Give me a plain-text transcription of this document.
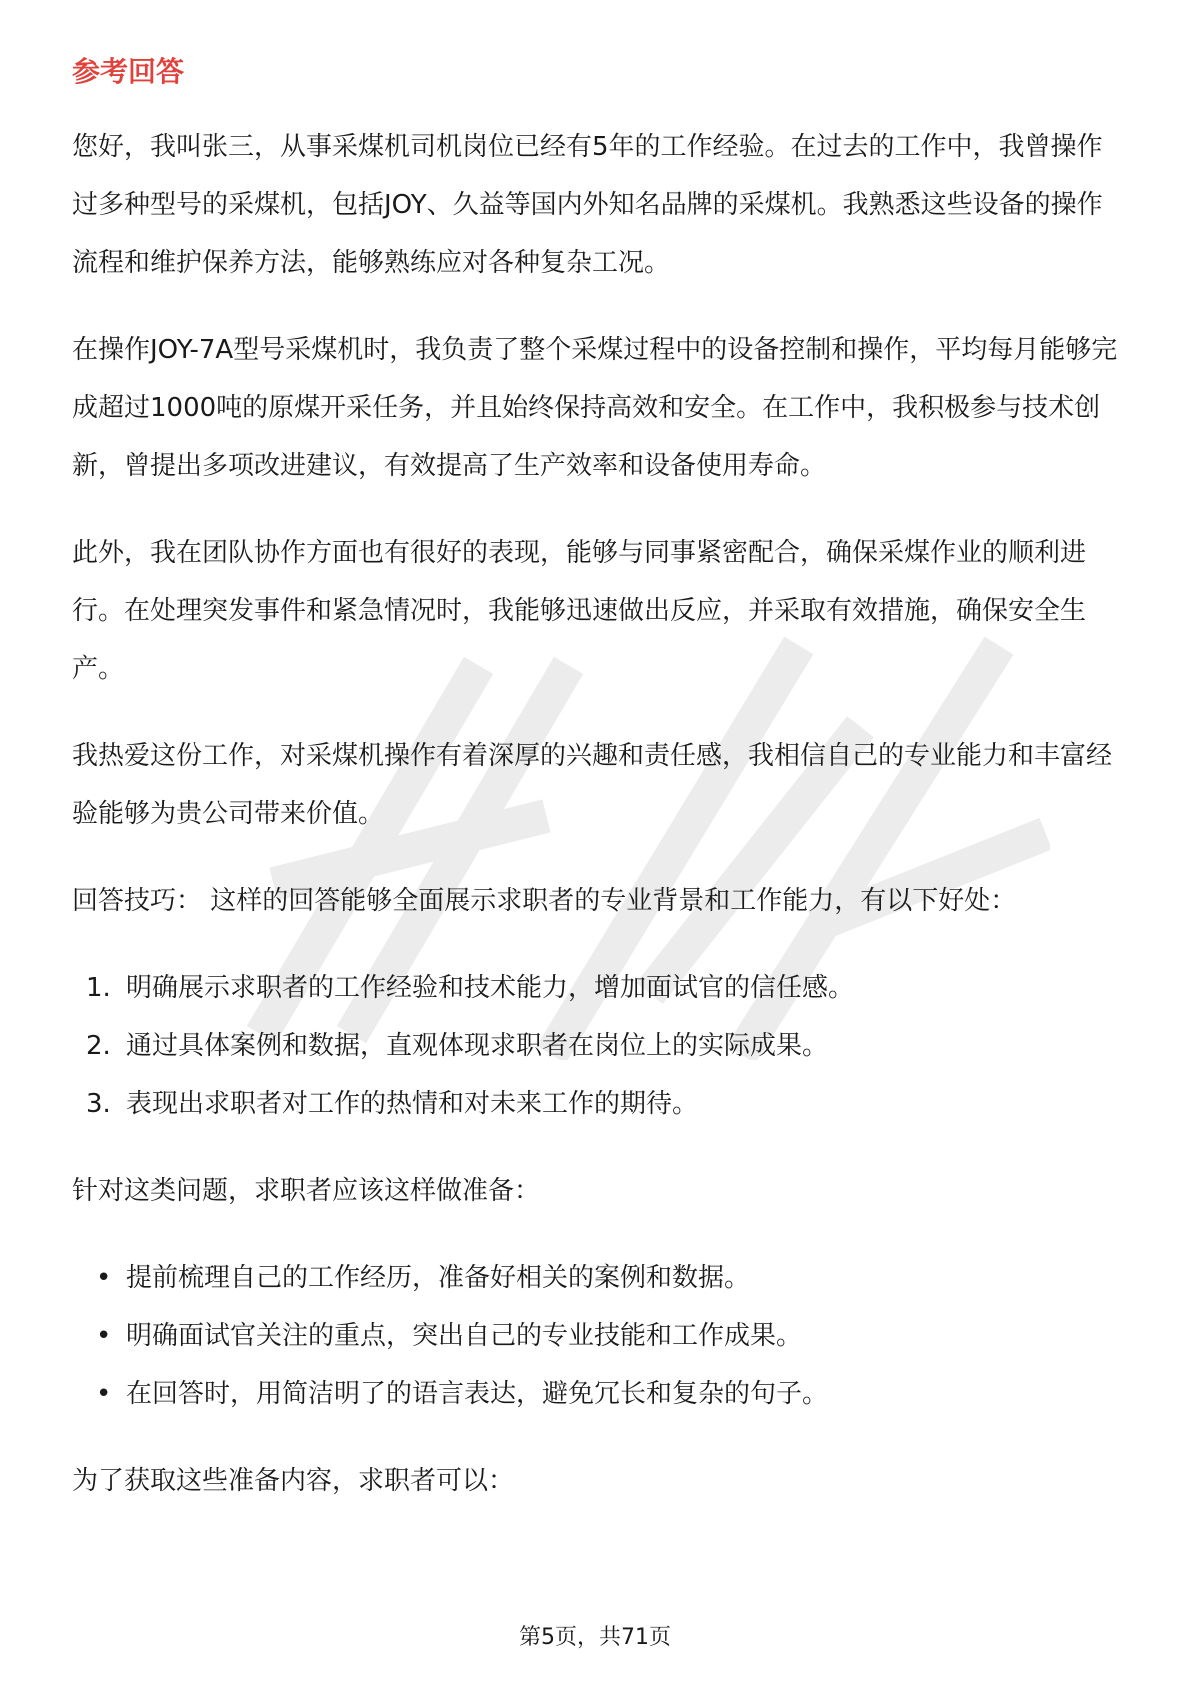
参考回答

您好，我叫张三，从事采煤机司机岗位已经有5年的工作经验。在过去的工作中，我曾操作过多种型号的采煤机，包括JOY、久益等国内外知名品牌的采煤机。我熟悉这些设备的操作流程和维护保养方法，能够熟练应对各种复杂工况。

在操作JOY-7A型号采煤机时，我负责了整个采煤过程中的设备控制和操作，平均每月能够完成超过1000吨的原煤开采任务，并且始终保持高效和安全。在工作中，我积极参与技术创新，曾提出多项改进建议，有效提高了生产效率和设备使用寿命。

此外，我在团队协作方面也有很好的表现，能够与同事紧密配合，确保采煤作业的顺利进行。在处理突发事件和紧急情况时，我能够迅速做出反应，并采取有效措施，确保安全生产。

我热爱这份工作，对采煤机操作有着深厚的兴趣和责任感，我相信自己的专业能力和丰富经验能够为贵公司带来价值。

回答技巧： 这样的回答能够全面展示求职者的专业背景和工作能力，有以下好处：

1. 明确展示求职者的工作经验和技术能力，增加面试官的信任感。
2. 通过具体案例和数据，直观体现求职者在岗位上的实际成果。
3. 表现出求职者对工作的热情和对未来工作的期待。

针对这类问题，求职者应该这样做准备：

• 提前梳理自己的工作经历，准备好相关的案例和数据。
• 明确面试官关注的重点，突出自己的专业技能和工作成果。
• 在回答时，用简洁明了的语言表达，避免冗长和复杂的句子。

为了获取这些准备内容，求职者可以：

第5页，共71页
